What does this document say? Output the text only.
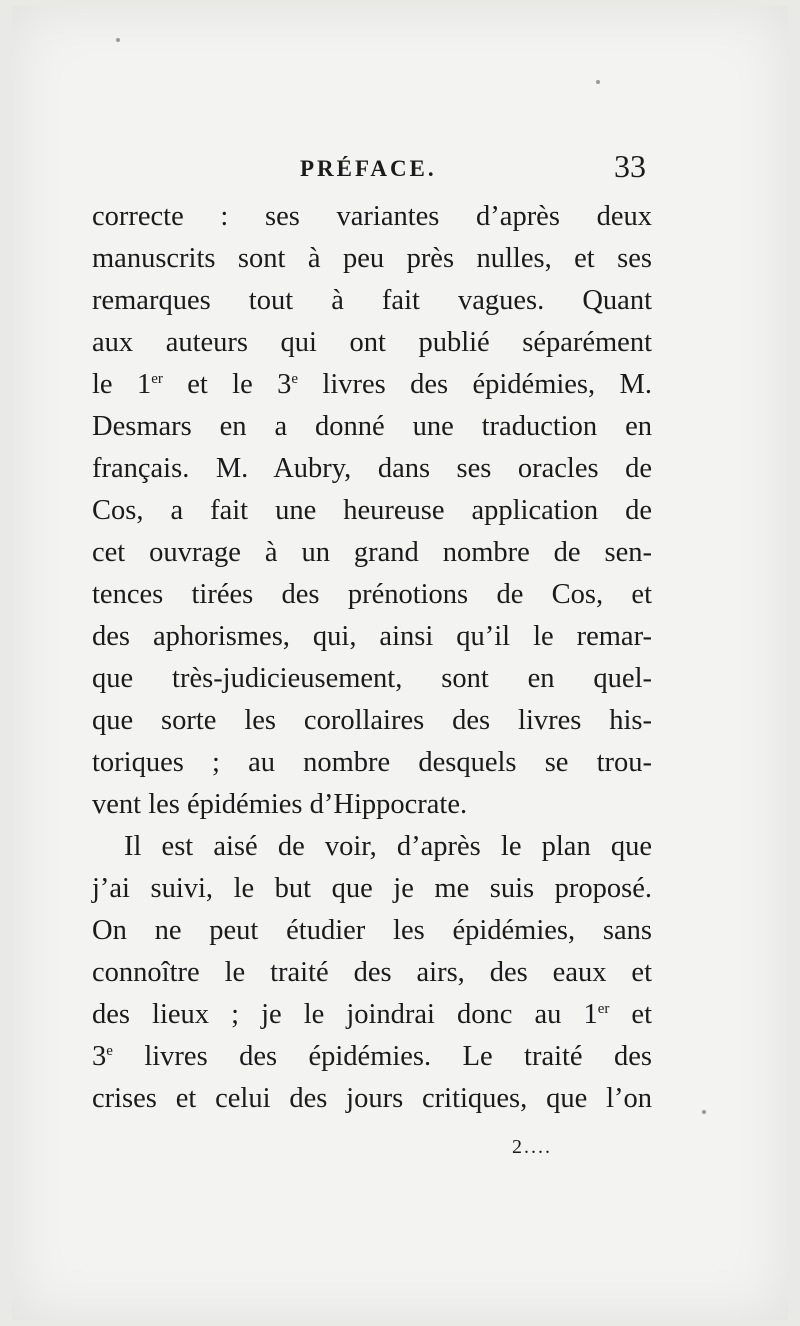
PRÉFACE.	33
correcte : ses variantes d’après deux
manuscrits sont à peu près nulles, et ses
remarques tout à fait vagues. Quant
aux auteurs qui ont publié séparément
le 1er et le 3e livres des épidémies, M.
Desmars en a donné une traduction en
français. M. Aubry, dans ses oracles de
Cos, a fait une heureuse application de
cet ouvrage à un grand nombre de sen-
tences tirées des prénotions de Cos, et
des aphorismes, qui, ainsi qu’il le remar-
que très-judicieusement, sont en quel-
que sorte les corollaires des livres his-
toriques ; au nombre desquels se trou-
vent les épidémies d’Hippocrate.
Il est aisé de voir, d’après le plan que
j’ai suivi, le but que je me suis proposé.
On ne peut étudier les épidémies, sans
connoître le traité des airs, des eaux et
des lieux ; je le joindrai donc au 1er et
3e livres des épidémies. Le traité des
crises et celui des jours critiques, que l’on
2....
